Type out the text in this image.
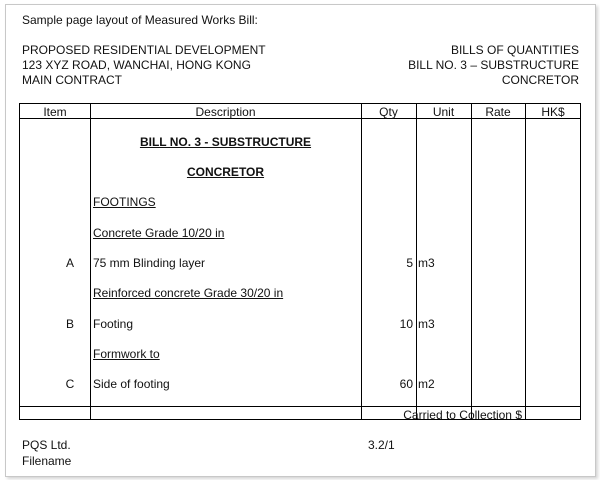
Sample page layout of Measured Works Bill:
PROPOSED RESIDENTIAL DEVELOPMENT
123 XYZ ROAD, WANCHAI, HONG KONG
MAIN CONTRACT
BILLS OF QUANTITIES
BILL NO. 3 – SUBSTRUCTURE
CONCRETOR
PQS Ltd.
Filename
3.2/1
Item	Description	Qty	Unit	Rate	HK$
BILL NO. 3 - SUBSTRUCTURE
CONCRETOR
FOOTINGS
Concrete Grade 10/20 in
A	75 mm Blinding layer	5 m3
Reinforced concrete Grade 30/20 in
B	Footing	10 m3
Formwork to
C	Side of footing	60 m2
Carried to Collection $
